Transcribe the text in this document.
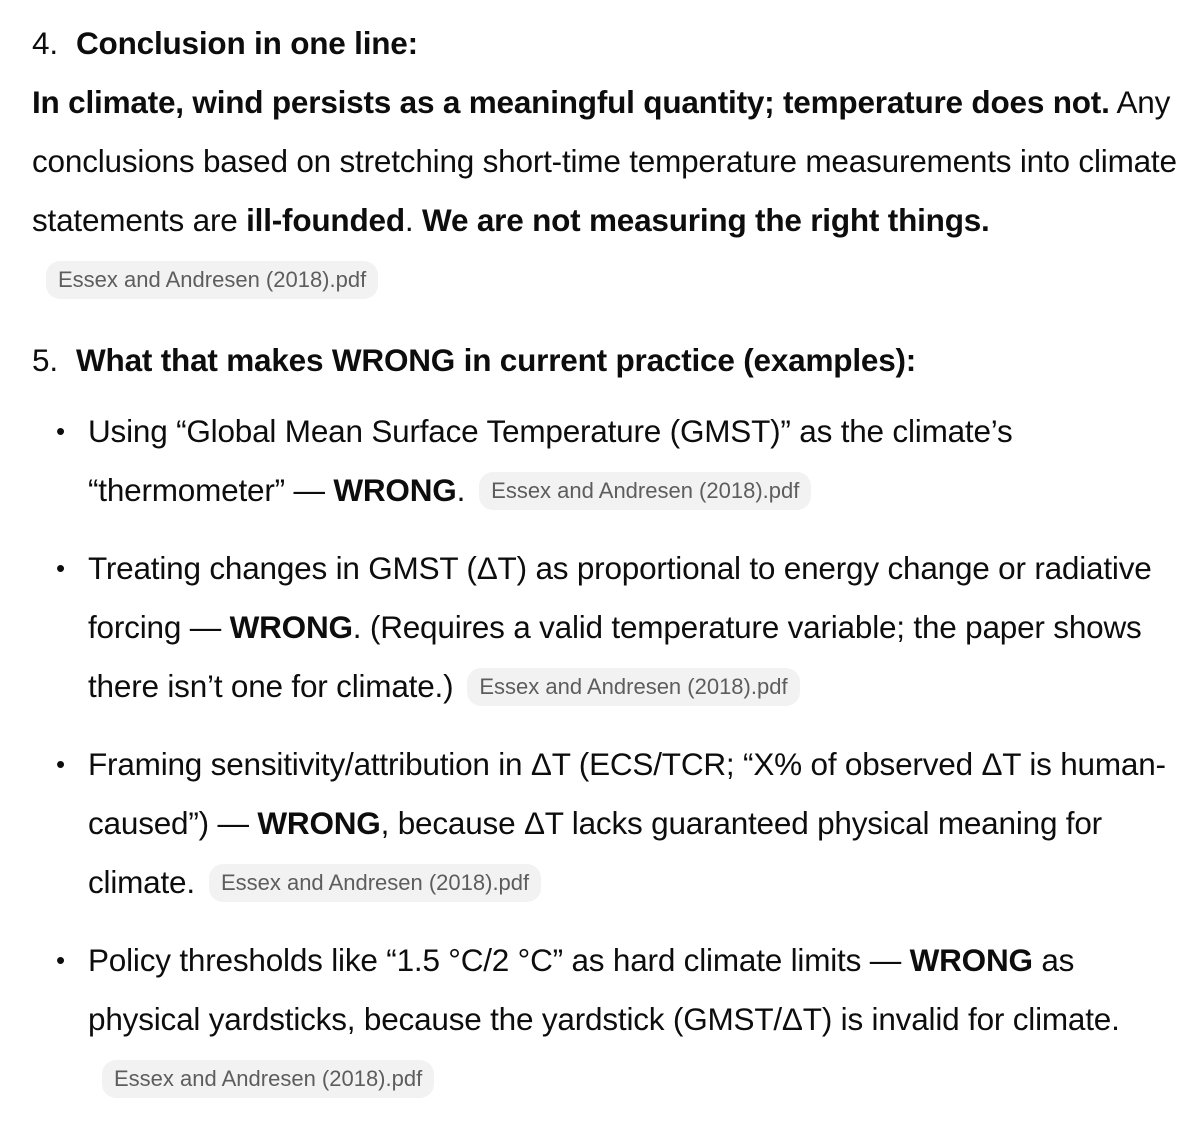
4. Conclusion in one line:

In climate, wind persists as a meaningful quantity; temperature does not. Any conclusions based on stretching short-time temperature measurements into climate statements are ill-founded. We are not measuring the right things.Essex and Andresen (2018).pdf

5. What that makes WRONG in current practice (examples):
• Using “Global Mean Surface Temperature (GMST)” as the climate’s “thermometer” — WRONG. Essex and Andresen (2018).pdf
• Treating changes in GMST (ΔT) as proportional to energy change or radiative forcing — WRONG. (Requires a valid temperature variable; the paper shows there isn’t one for climate.) Essex and Andresen (2018).pdf
• Framing sensitivity/attribution in ΔT (ECS/TCR; “X% of observed ΔT is human-caused”) — WRONG, because ΔT lacks guaranteed physical meaning for climate. Essex and Andresen (2018).pdf
• Policy thresholds like “1.5 °C/2 °C” as hard climate limits — WRONG as physical yardsticks, because the yardstick (GMST/ΔT) is invalid for climate.Essex and Andresen (2018).pdf
